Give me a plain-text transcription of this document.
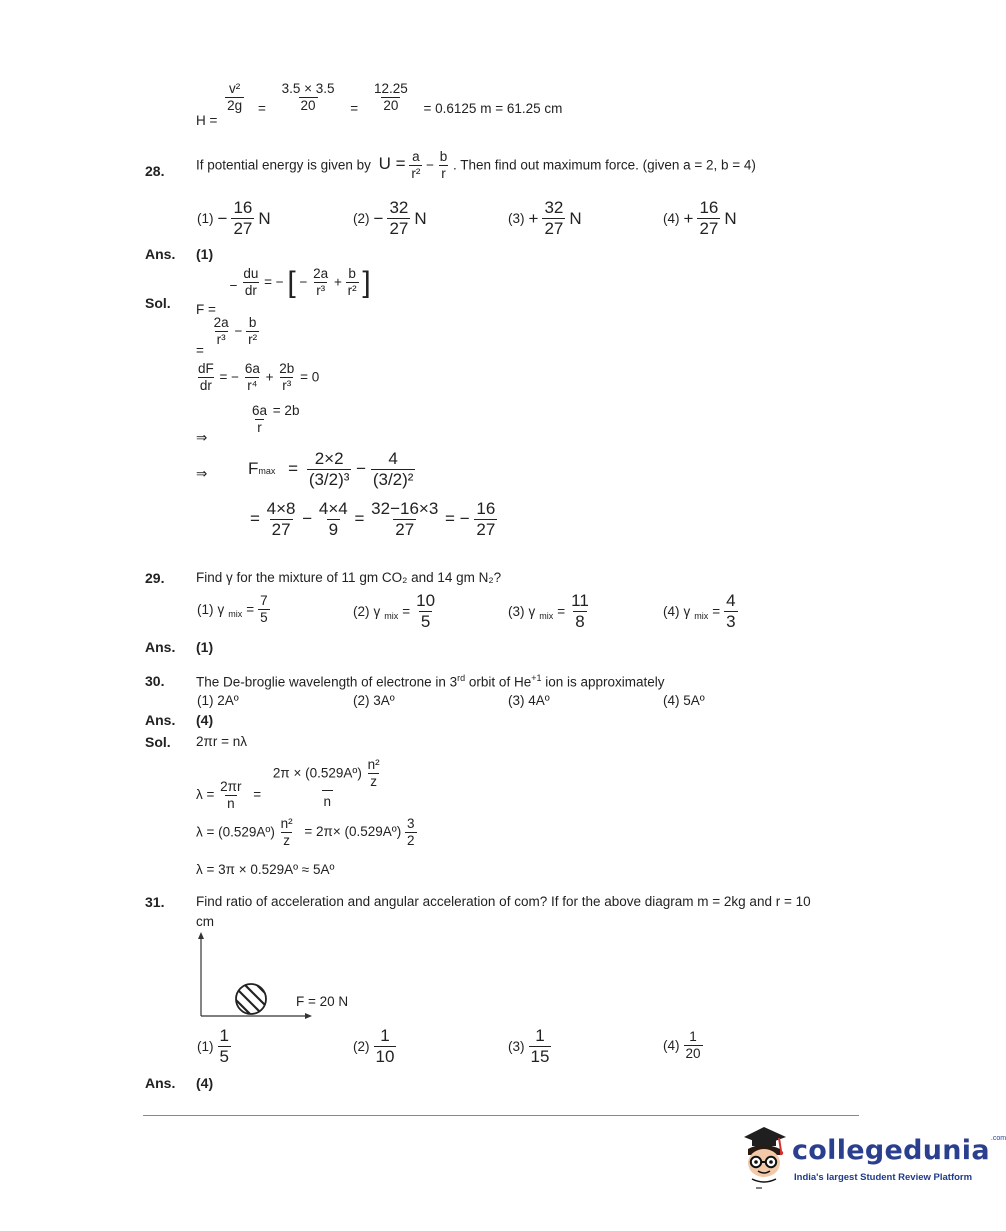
H =
$\frac{\text{v²}}{2g} = \frac{3.5 \times 3.5}{20} = \frac{12.25}{20} = 0.6125$ m = 61.25 cm
28. If potential energy is given by $U = \frac{a}{\text{r²}} - \frac{b}{r}$ . Then find out maximum force. (given a = 2, b = 4)
$(1) - \frac{16}{27}$ N	$(2) - \frac{32}{27}$ N	$(3) + \frac{32}{27}$ N	$(4) + \frac{16}{27}$ N
Ans. (1)
Sol. F = − $\frac{du}{dr}$ = − [ − $\frac{2a}{\text{r³}} + \frac{b}{\text{r²}}$ ]
=
$\frac{2a}{\text{r³}} - \frac{b}{\text{r²}}$
$\frac{dF}{dr}$ = − $\frac{6a}{\text{r⁴}} + \frac{2b}{\text{r³}} = 0$
⇒
$\frac{6a}{r} = 2b$
⇒ $Fmax = \frac{2\times 2}{\text{(3/2)³}} - \frac{4}{\text{(3/2)²}}$
= $\frac{4\times 8}{27} - \frac{4\times 4}{9} = \frac{32-16\times 3}{27}$ = − $\frac{16}{27}$
29. Find γ for the mixture of 11 gm CO₂ and 14 gm N₂?
(1) γ mix = $\frac{7}{5}$	(2) γ mix = $\frac{10}{5}$	(3) γ mix = $\frac{11}{8}$	(4) γ mix = $\frac{4}{3}$
Ans. (1)
30. The De-broglie wavelength of electrone in 3rd orbit of $He^{+1}$ ion is approximately
(1) 2Aº	(2) 3Aº	(3) 4Aº	(4) 5Aº
Ans. (4)
Sol. 2πr = nλ
$\lambda = \frac{2\pi r}{n} = \frac{2\pi \times (0.529Aº) \frac{\text{n²}}{z}}{n}$
λ = (0.529Aº) $\frac{\text{n²}}{z} = 2\pi\times$ (0.529Aº) $\frac{3}{2}$
λ = 3π × 0.529Aº ≈ 5Aº
31. Find ratio of acceleration and angular acceleration of com? If for the above diagram m = 2kg and r = 10
cm
F = 20 N
(1)
1
5	(2)
1
10	(3)
1
15
(4)
1
20
Ans. (4)
collegedunia$^{.com}$
India's largest Student Review Platform
